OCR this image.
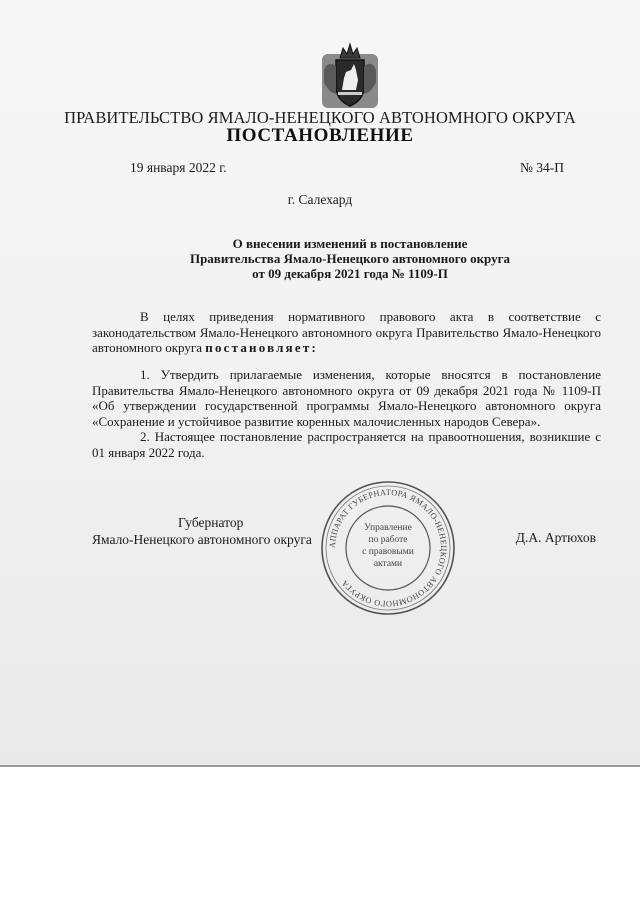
ПРАВИТЕЛЬСТВО ЯМАЛО-НЕНЕЦКОГО АВТОНОМНОГО ОКРУГА
ПОСТАНОВЛЕНИЕ
19 января 2022 г.	№ 34-П
г. Салехард
О внесении изменений в постановление
Правительства Ямало-Ненецкого автономного округа
от 09 декабря 2021 года № 1109-П

В целях приведения нормативного правового акта в соответствие с законодательством Ямало-Ненецкого автономного округа Правительство Ямало-Ненецкого автономного округа постановляет:

1. Утвердить прилагаемые изменения, которые вносятся в постановление Правительства Ямало-Ненецкого автономного округа от 09 декабря 2021 года № 1109-П «Об утверждении государственной программы Ямало-Ненецкого автономного округа «Сохранение и устойчивое развитие коренных малочисленных народов Севера».

2. Настоящее постановление распространяется на правоотношения, возникшие с 01 января 2022 года.

Губернатор
Ямало-Ненецкого автономного округа	Д.А. Артюхов
АППАРАТ ГУБЕРНАТОРА ЯМАЛО-НЕНЕЦКОГО АВТОНОМНОГО ОКРУГА
Управление
по работе
с правовыми
актами
